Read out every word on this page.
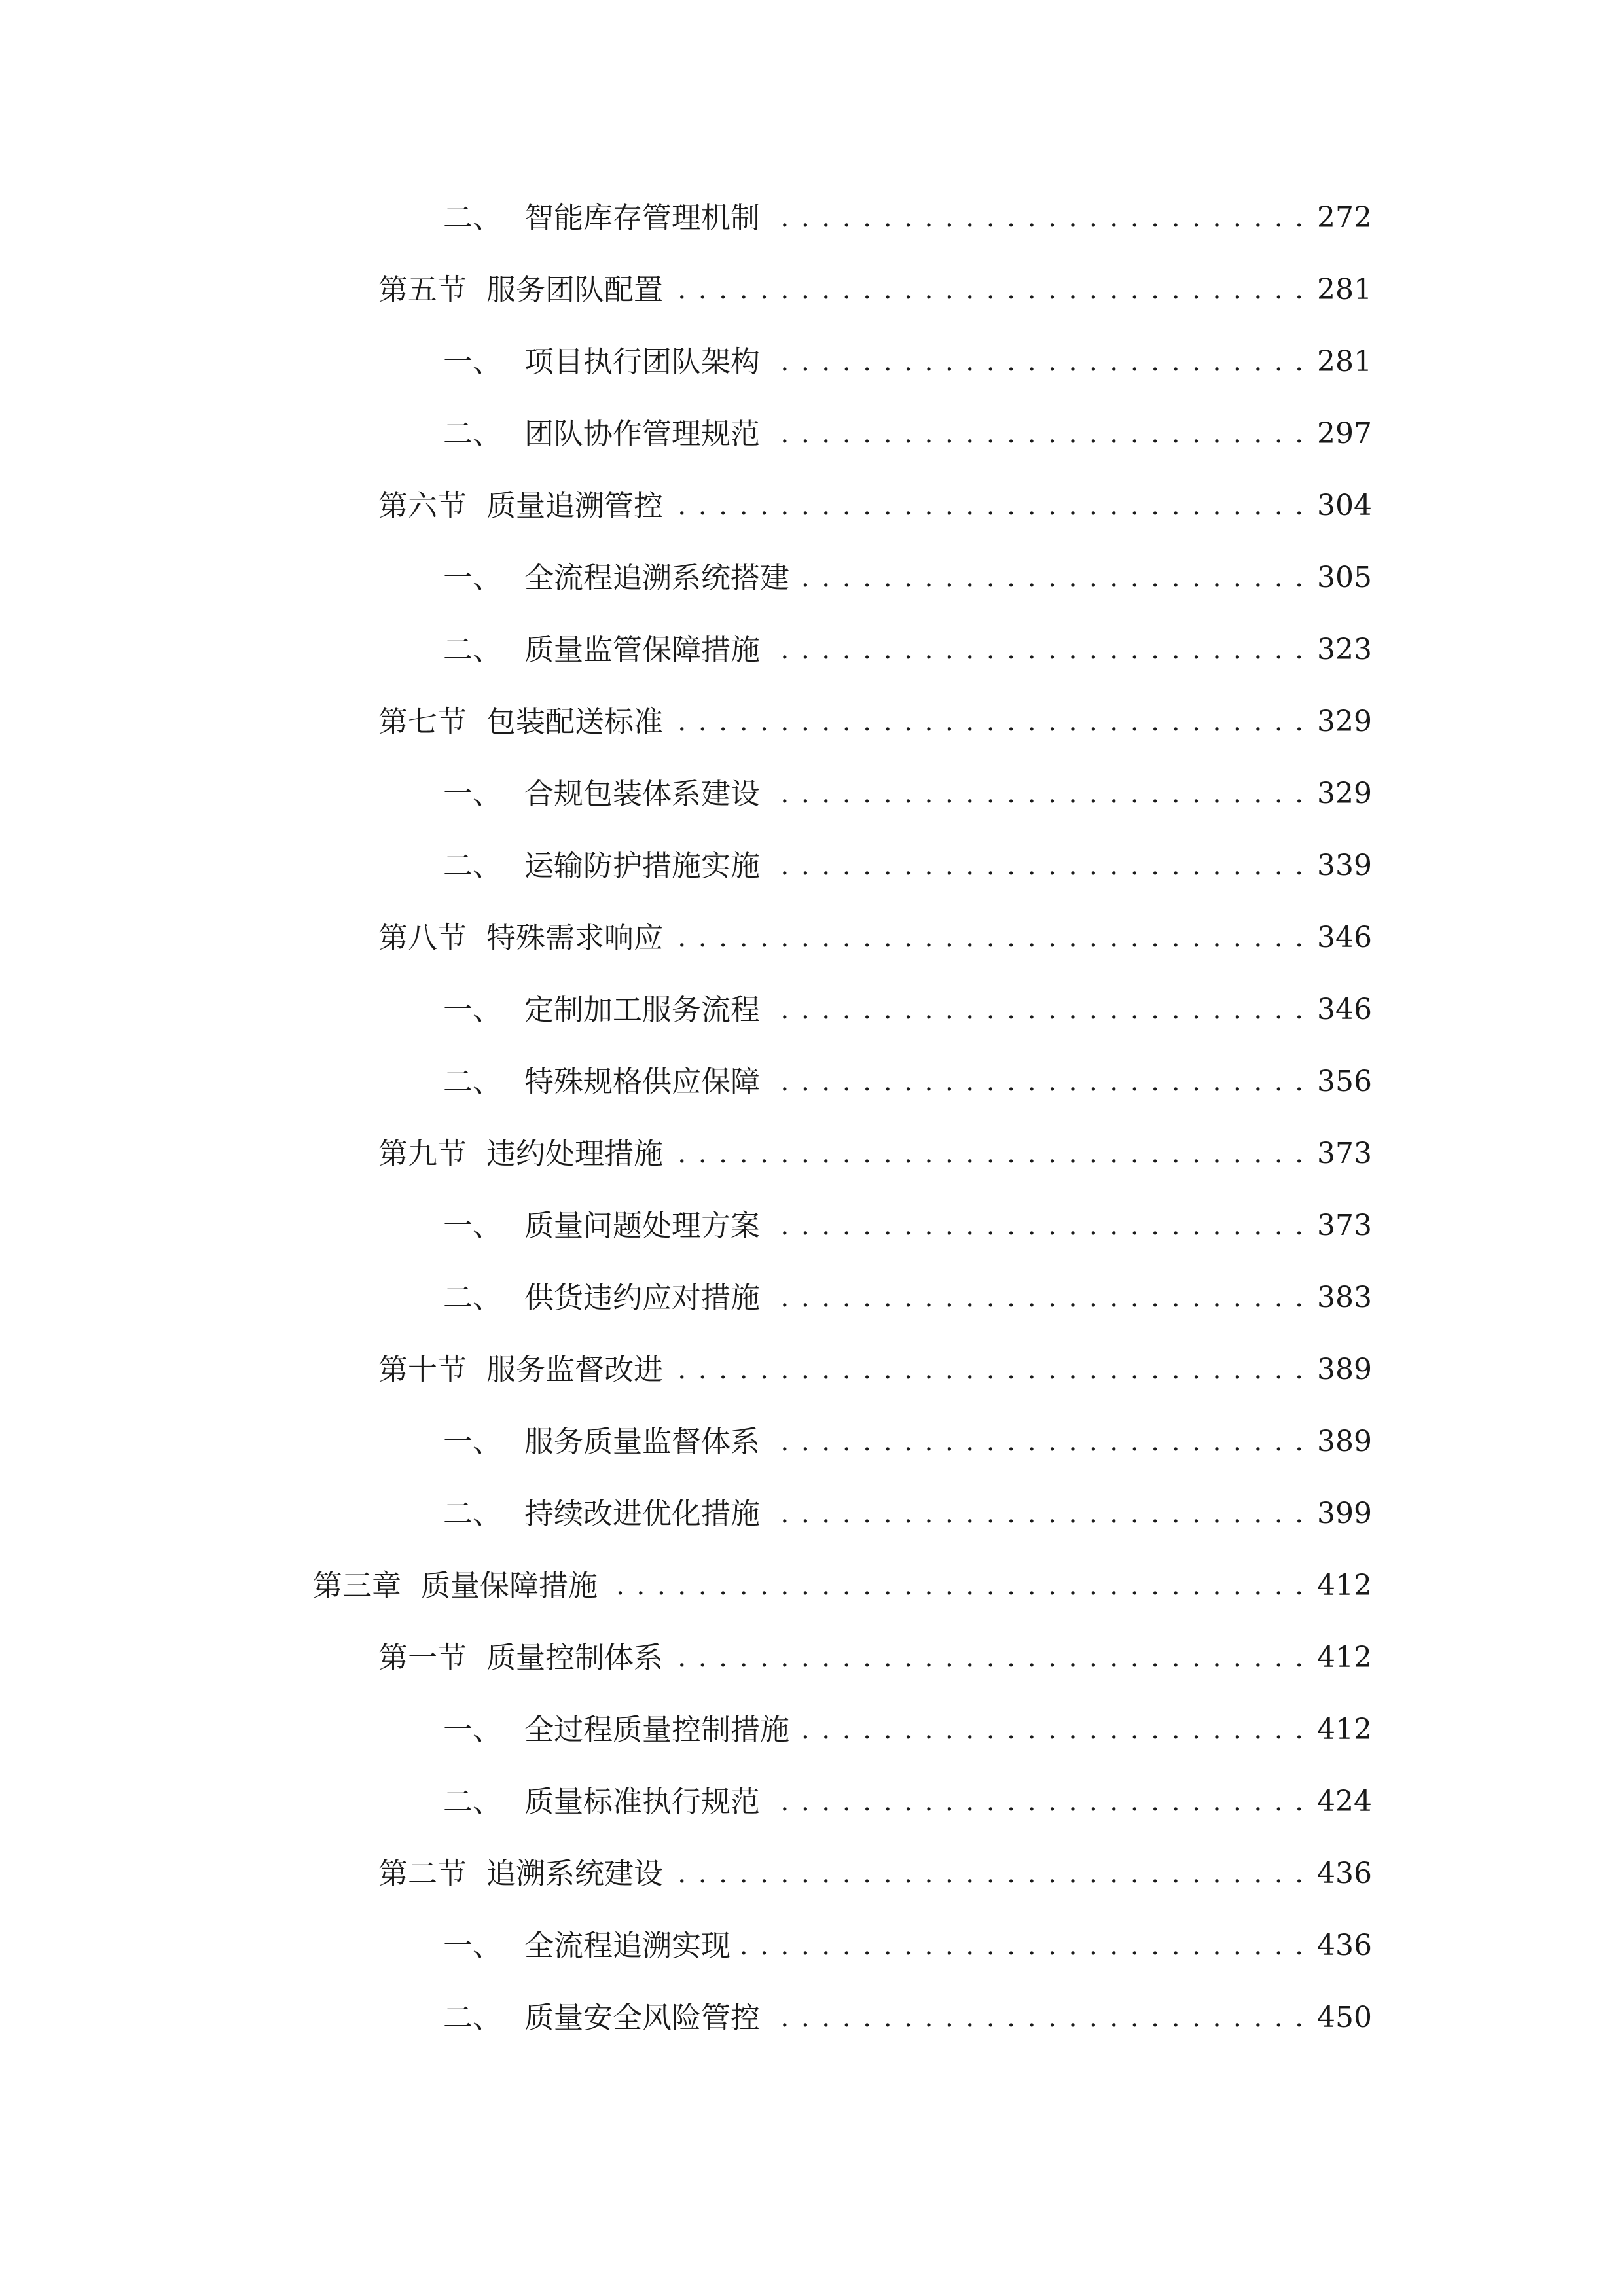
二、 智能库存管理机制 . . .	272
第五节 服务团队配置 . . .	281
一、 项目执行团队架构 . . .	281
二、 团队协作管理规范 . . .	297
第六节 质量追溯管控 . . .	304
一、 全流程追溯系统搭建 . . .	305
二、 质量监管保障措施 . . .	323
第七节 包装配送标准 . . .	329
一、 合规包装体系建设 . . .	329
二、 运输防护措施实施 . . .	339
第八节 特殊需求响应 . . .	346
一、 定制加工服务流程 . . .	346
二、 特殊规格供应保障 . . .	356
第九节 违约处理措施 . . .	373
一、 质量问题处理方案 . . .	373
二、 供货违约应对措施 . . .	383
第十节 服务监督改进 . . .	389
一、 服务质量监督体系 . . .	389
二、 持续改进优化措施 . . .	399
第三章 质量保障措施 . . .	412
第一节 质量控制体系 . . .	412
一、 全过程质量控制措施 . . .	412
二、 质量标准执行规范 . . .	424
第二节 追溯系统建设 . . .	436
一、 全流程追溯实现 . . .	436
二、 质量安全风险管控 . . .	450
